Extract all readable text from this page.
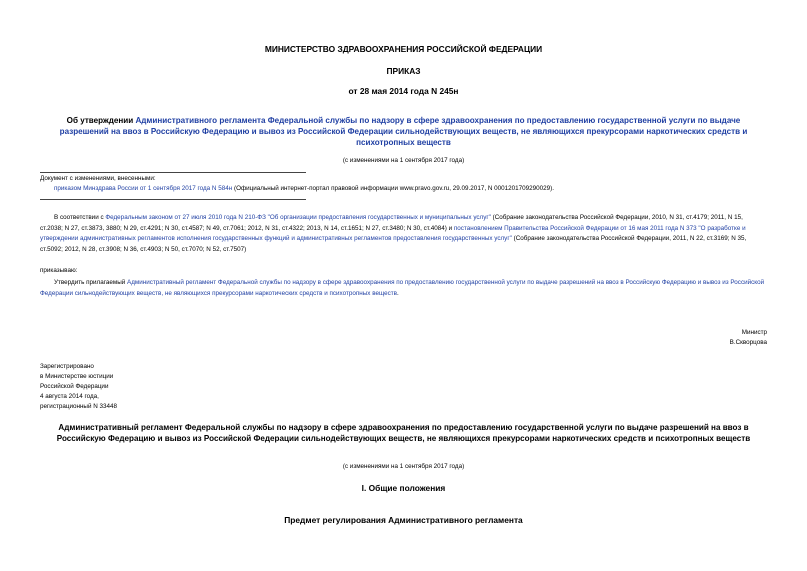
МИНИСТЕРСТВО ЗДРАВООХРАНЕНИЯ РОССИЙСКОЙ ФЕДЕРАЦИИ
ПРИКАЗ
от 28 мая 2014 года N 245н
Об утверждении Административного регламента Федеральной службы по надзору в сфере здравоохранения по предоставлению государственной услуги по выдаче разрешений на ввоз в Российскую Федерацию и вывоз из Российской Федерации сильнодействующих веществ, не являющихся прекурсорами наркотических средств и психотропных веществ
(с изменениями на 1 сентября 2017 года)
Документ с изменениями, внесенными:
приказом Минздрава России от 1 сентября 2017 года N 584н (Официальный интернет-портал правовой информации www.pravo.gov.ru, 29.09.2017, N 0001201709290029).
В соответствии с Федеральным законом от 27 июля 2010 года N 210-ФЗ "Об организации предоставления государственных и муниципальных услуг" (Собрание законодательства Российской Федерации, 2010, N 31, ст.4179; 2011, N 15, ст.2038; N 27, ст.3873, 3880; N 29, ст.4291; N 30, ст.4587; N 49, ст.7061; 2012, N 31, ст.4322; 2013, N 14, ст.1651; N 27, ст.3480; N 30, ст.4084) и постановлением Правительства Российской Федерации от 16 мая 2011 года N 373 "О разработке и утверждении административных регламентов исполнения государственных функций и административных регламентов предоставления государственных услуг" (Собрание законодательства Российской Федерации, 2011, N 22, ст.3169; N 35, ст.5092; 2012, N 28, ст.3908; N 36, ст.4903; N 50, ст.7070; N 52, ст.7507)
приказываю:
Утвердить прилагаемый Административный регламент Федеральной службы по надзору в сфере здравоохранения по предоставлению государственной услуги по выдаче разрешений на ввоз в Российскую Федерацию и вывоз из Российской Федерации сильнодействующих веществ, не являющихся прекурсорами наркотических средств и психотропных веществ.
Министр
В.Скворцова
Зарегистрировано
в Министерстве юстиции
Российской Федерации
4 августа 2014 года,
регистрационный N 33448
Административный регламент Федеральной службы по надзору в сфере здравоохранения по предоставлению государственной услуги по выдаче разрешений на ввоз в Российскую Федерацию и вывоз из Российской Федерации сильнодействующих веществ, не являющихся прекурсорами наркотических средств и психотропных веществ
(с изменениями на 1 сентября 2017 года)
I. Общие положения
Предмет регулирования Административного регламента
